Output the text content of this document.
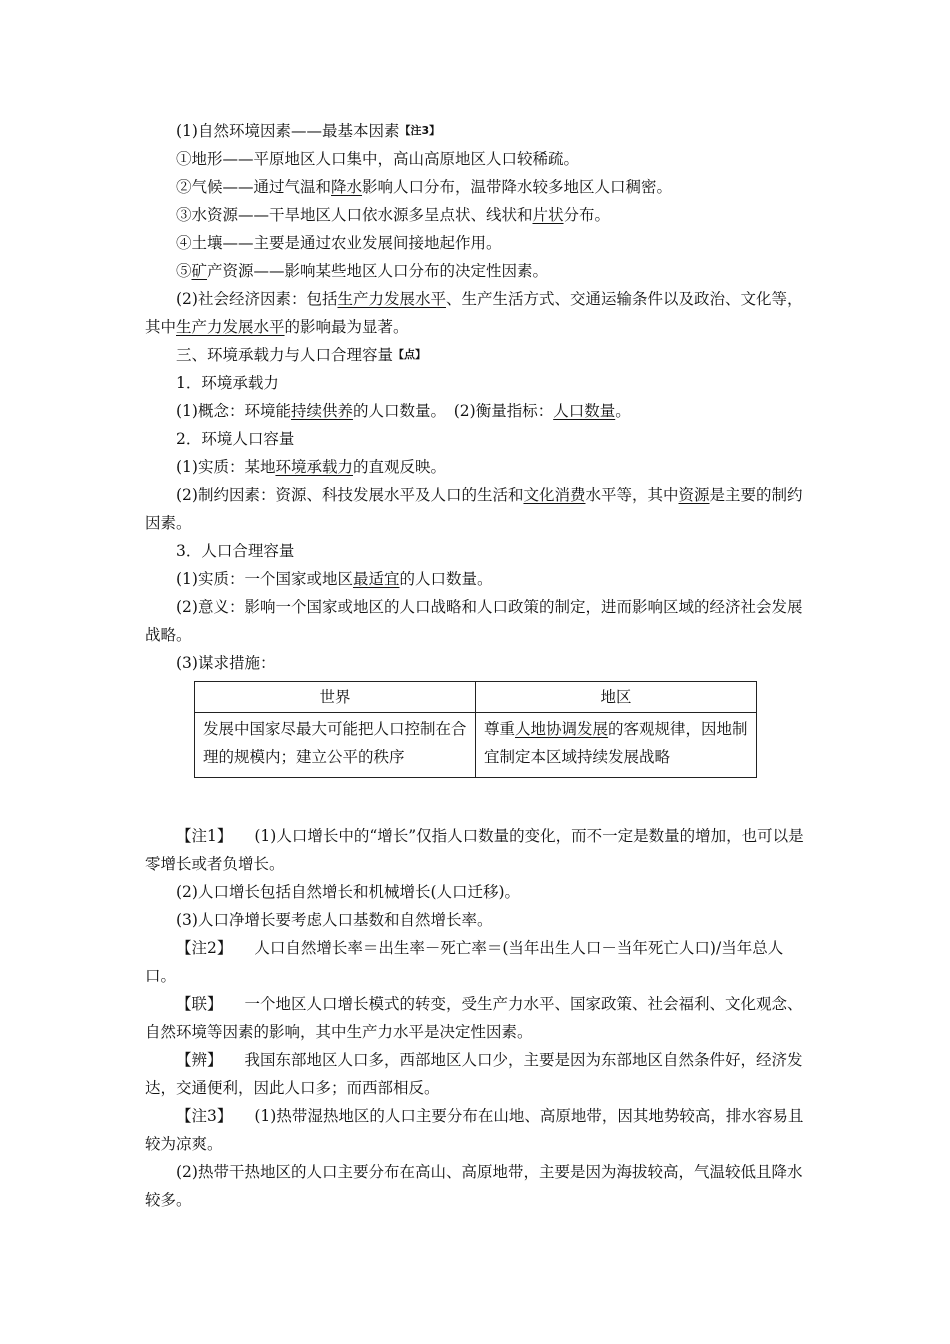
(1)自然环境因素——最基本因素【注3】

①地形——平原地区人口集中，高山高原地区人口较稀疏。

②气候——通过气温和降水影响人口分布，温带降水较多地区人口稠密。

③水资源——干旱地区人口依水源多呈点状、线状和片状分布。

④土壤——主要是通过农业发展间接地起作用。

⑤矿产资源——影响某些地区人口分布的决定性因素。

(2)社会经济因素：包括生产力发展水平、生产生活方式、交通运输条件以及政治、文化等，其中生产力发展水平的影响最为显著。

三、环境承载力与人口合理容量【点】

1．环境承载力

(1)概念：环境能持续供养的人口数量。　(2)衡量指标：人口数量。

2．环境人口容量

(1)实质：某地环境承载力的直观反映。

(2)制约因素：资源、科技发展水平及人口的生活和文化消费水平等，其中资源是主要的制约因素。

3．人口合理容量

(1)实质：一个国家或地区最适宜的人口数量。

(2)意义：影响一个国家或地区的人口战略和人口政策的制定，进而影响区域的经济社会发展战略。

(3)谋求措施：

世界	地区
发展中国家尽最大可能把人口控制在合理的规模内；建立公平的秩序	尊重人地协调发展的客观规律，因地制宜制定本区域持续发展战略

【注1】 (1)人口增长中的“增长”仅指人口数量的变化，而不一定是数量的增加，也可以是零增长或者负增长。

(2)人口增长包括自然增长和机械增长(人口迁移)。

(3)人口净增长要考虑人口基数和自然增长率。

【注2】 人口自然增长率＝出生率－死亡率＝(当年出生人口－当年死亡人口)/当年总人口。

【联】 一个地区人口增长模式的转变，受生产力水平、国家政策、社会福利、文化观念、自然环境等因素的影响，其中生产力水平是决定性因素。

【辨】 我国东部地区人口多，西部地区人口少，主要是因为东部地区自然条件好，经济发达，交通便利，因此人口多；而西部相反。

【注3】 (1)热带湿热地区的人口主要分布在山地、高原地带，因其地势较高，排水容易且较为凉爽。

(2)热带干热地区的人口主要分布在高山、高原地带，主要是因为海拔较高，气温较低且降水较多。
